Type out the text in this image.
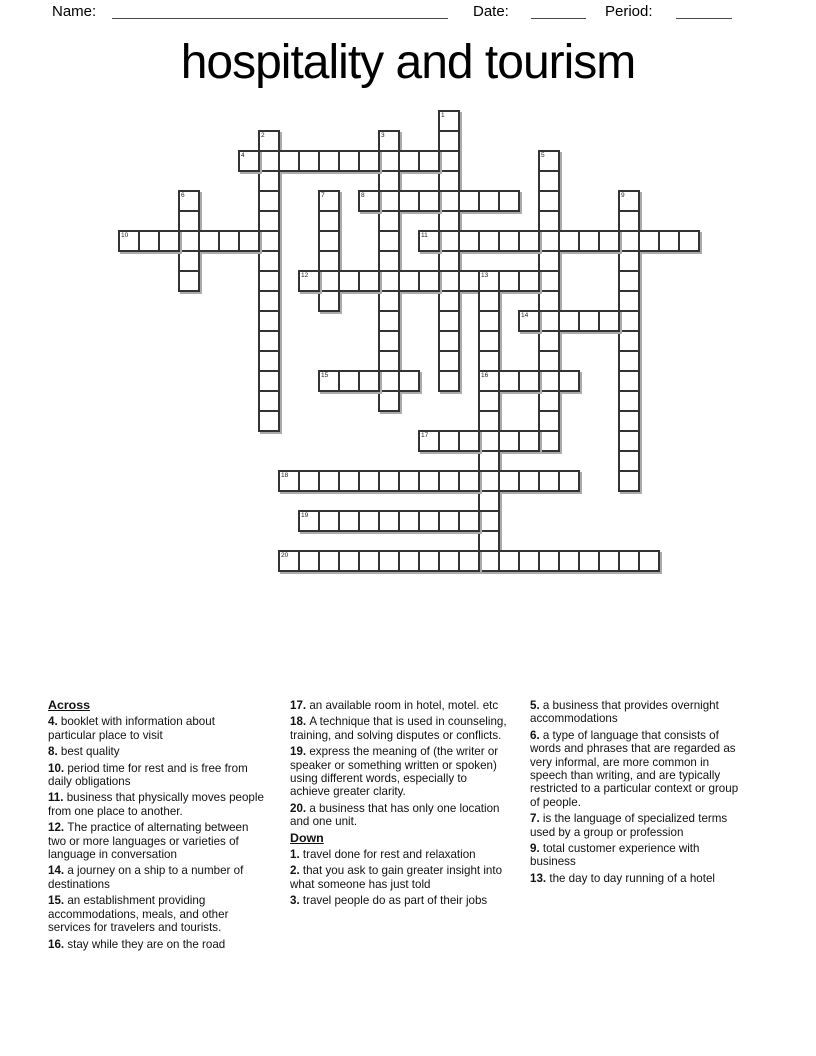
Name:	Date:	Period:
hospitality and tourism
1
2	3
4	5
6	7	8	9
10	11
12	13
16
14
15
17
18
19
20
Across
4. booklet with information about particular place to visit
8. best quality
10. period time for rest and is free from daily obligations
11. business that physically moves people from one place to another.
12. The practice of alternating between two or more languages or varieties of language in conversation
14. a journey on a ship to a number of destinations
15. an establishment providing accommodations, meals, and other services for travelers and tourists.
16. stay while they are on the road
17. an available room in hotel, motel. etc
18. A technique that is used in counseling, training, and solving disputes or conflicts.
19. express the meaning of (the writer or speaker or something written or spoken) using different words, especially to achieve greater clarity.
20. a business that has only one location and one unit.
Down
1. travel done for rest and relaxation
2. that you ask to gain greater insight into what someone has just told
3. travel people do as part of their jobs
5. a business that provides overnight accommodations
6. a type of language that consists of words and phrases that are regarded as very informal, are more common in speech than writing, and are typically restricted to a particular context or group of people.
7. is the language of specialized terms used by a group or profession
9. total customer experience with business
13. the day to day running of a hotel
